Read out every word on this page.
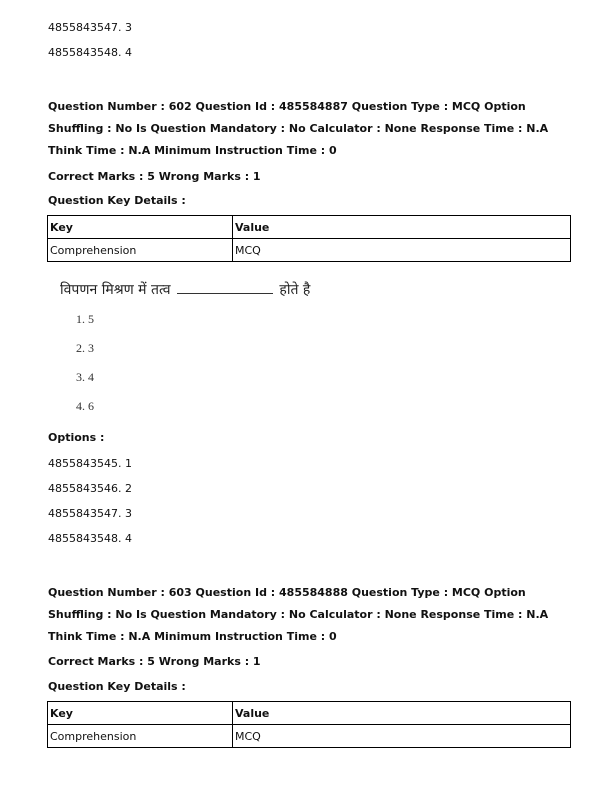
4855843547. 3
4855843548. 4
Question Number : 602 Question Id : 485584887 Question Type : MCQ Option Shuffling : No Is Question Mandatory : No Calculator : None Response Time : N.A Think Time : N.A Minimum Instruction Time : 0
Correct Marks : 5 Wrong Marks : 1
Question Key Details :
Key	Value
Comprehension	MCQ
विपणन मिश्रण में तत्व	होते है
1. 5
2. 3
3. 4
4. 6
Options :
4855843545. 1
4855843546. 2
4855843547. 3
4855843548. 4
Question Number : 603 Question Id : 485584888 Question Type : MCQ Option Shuffling : No Is Question Mandatory : No Calculator : None Response Time : N.A Think Time : N.A Minimum Instruction Time : 0
Correct Marks : 5 Wrong Marks : 1
Question Key Details :
Key	Value
Comprehension	MCQ
